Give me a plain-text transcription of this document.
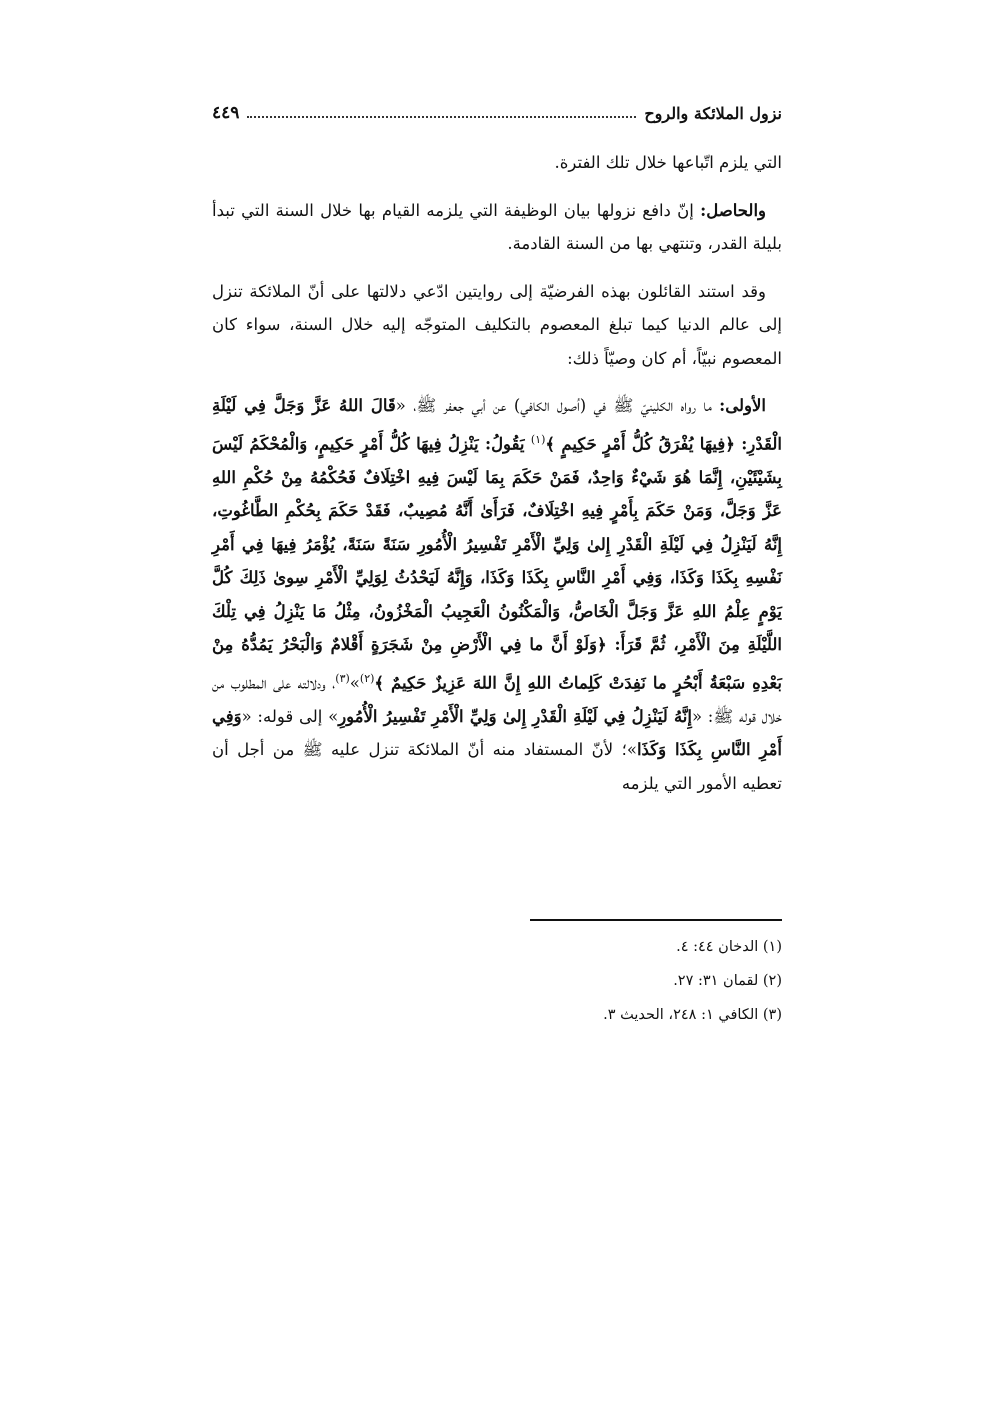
نزول الملائكة والروح
٤٤٩

التي يلزم اتّباعها خلال تلك الفترة.

والحاصل: إنّ دافع نزولها بيان الوظيفة التي يلزمه القيام بها خلال السنة التي تبدأ بليلة القدر، وتنتهي بها من السنة القادمة.

وقد استند القائلون بهذه الفرضيّة إلى روايتين ادّعي دلالتها على أنّ الملائكة تنزل إلى عالم الدنيا كيما تبلغ المعصوم بالتكليف المتوجّه إليه خلال السنة، سواء كان المعصوم نبيّاً، أم كان وصيّاً ذلك:

الأولى: ما رواه الكلينيّ ﷺ في (اُصول الكافي) عن أبي جعفر ﷺ، «قَالَ اللهُ عَزَّ وَجَلَّ فِي لَيْلَةِ الْقَدْرِ: ﴿فِيهَا يُفْرَقُ كُلُّ أَمْرٍ حَكِيمٍ ﴾$^{(١)}$ يَقُولُ: يَنْزِلُ فِيهَا كُلُّ أَمْرٍ حَكِيمٍ، وَالْمُحْكَمُ لَيْسَ بِشَيْئَيْنِ، إِنَّمَا هُوَ شَيْءٌ وَاحِدٌ، فَمَنْ حَكَمَ بِمَا لَيْسَ فِيهِ اخْتِلَافٌ فَحُكْمُهُ مِنْ حُكْمِ اللهِ عَزَّ وَجَلَّ، وَمَنْ حَكَمَ بِأَمْرٍ فِيهِ اخْتِلَافٌ، فَرَأَىٰ أَنَّهُ مُصِيبٌ، فَقَدْ حَكَمَ بِحُكْمِ الطَّاغُوتِ، إِنَّهُ لَيَنْزِلُ فِي لَيْلَةِ الْقَدْرِ إِلىٰ وَلِيِّ الْأَمْرِ تَفْسِيرُ الْأُمُورِ سَنَةً سَنَةً، يُؤْمَرُ فِيهَا فِي أَمْرِ نَفْسِهِ بِكَذَا وَكَذَا، وَفِي أَمْرِ النَّاسِ بِكَذَا وَكَذَا، وَإِنَّهُ لَيَحْدُثُ لِوَلِيِّ الْأَمْرِ سِوىٰ ذَلِكَ كُلَّ يَوْمٍ عِلْمُ اللهِ عَزَّ وَجَلَّ الْخَاصُّ، وَالْمَكْنُونُ الْعَجِيبُ الْمَخْزُونُ، مِثْلُ مَا يَنْزِلُ فِي تِلْكَ اللَّيْلَةِ مِنَ الْأَمْرِ، ثُمَّ قَرَأَ: ﴿وَلَوْ أَنَّ ما فِي الْأَرْضِ مِنْ شَجَرَةٍ أَقْلامٌ وَالْبَحْرُ يَمُدُّهُ مِنْ بَعْدِهِ سَبْعَةُ أَبْحُرٍ ما نَفِدَتْ كَلِماتُ اللهِ إِنَّ اللهَ عَزِيزٌ حَكِيمٌ ﴾$^{(٢)}$»$^{(٣)}$، ودلالته على المطلوب من خلال قوله ﷺ: «إِنَّهُ لَيَنْزِلُ فِي لَيْلَةِ الْقَدْرِ إِلىٰ وَلِيِّ الْأَمْرِ تَفْسِيرُ الْأُمُورِ» إلى قوله: «وَفِي أَمْرِ النَّاسِ بِكَذَا وَكَذَا»؛ لأنّ المستفاد منه أنّ الملائكة تنزل عليه ﷺ من أجل أن تعطيه الأمور التي يلزمه

(١) الدخان ٤٤: ٤.

(٢) لقمان ٣١: ٢٧.

(٣) الكافي ١: ٢٤٨، الحديث ٣.
